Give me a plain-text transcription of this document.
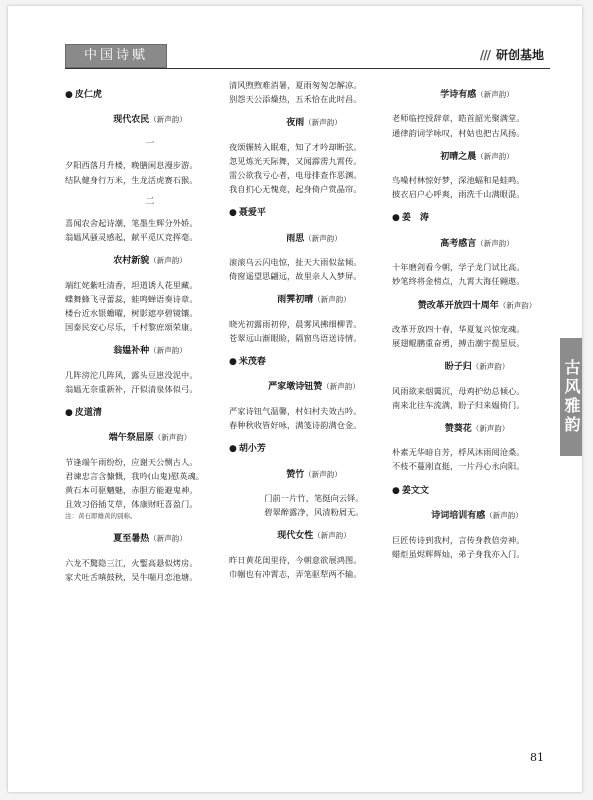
中国诗赋	/// 研创基地
● 皮仁虎
现代农民（新声韵）
一
夕阳西落月升楼，晚膳闲息漫步游。
结队健身行万米，生龙活虎赛石猴。
二
喜闻农舍起诗潮，笔墨生辉分外娇。
翁媪风骚灵感起，献平觅仄竞挥毫。
农村新貌（新声韵）
端红姹紫吐清香，坦道诱人花里藏。
蝶舞蜂飞寻蕾蕊，蛙鸣蝉语奏诗章。
楼台近水银蟾曜，树影遮亭碧镜镶。
国泰民安心尽乐，千村黎庶颂荣康。
翁媪补种（新声韵）
几阵滂沱几阵风，露头豆崽没泥中。
翁媪无奈重新补，汗似清泉体似弓。
● 皮道清
端午祭屈原（新声韵）
节逢端午雨纷纷，应谢天公恻古人。
君谏忠言含慷慨，我吟(山鬼)慰英魂。
黄石本可驱魑魅，赤胆方能避鬼神。
且效习俗插艾草，体康财旺喜盈门。
注：黄石即雄黄的别称。
夏至暑热（新声韵）
六龙不驚隐三江，火鏨高悬似烤房。
家犬吐舌嗔鼓秋，吴牛喘月恋池塘。
清风煦煦难消暑，夏雨匆匆怎解凉。
别怨天公添燥热，五禾恰在此时昌。
夜雨（新声韵）
夜颂辗转入眠难，知了才吟却断弦。
忽见炼光天际舞，又闻霹雳九霄传。
雷公欲我亏心者，电母排查作恶渊。
我自扪心无愧竟，起身倚户赏晶帘。
● 聂爱平
雨思（新声韵）
滚滚乌云闪电惊，扯天大雨似盆倾。
倚窗遥望思翩远，故里亲人入梦屏。
雨霁初晴（新声韵）
晓光初露雨初停，晨雾风拂细柳青。
苍翠远山渐眼睑，隔窗鸟语送诗情。
● 米茂春
严家墩诗钮赞（新声韵）
严家诗钮气温馨，村妇村夫效古吟。
春种秋收皆好咏，满笺诗韵满仓金。
● 胡小芳
赞竹（新声韵）
门前一片竹，笔挺向云铎。
碧翠醉露净，风清粉屑无。
现代女性（新声韵）
昨日黄花闺里待，今朝意欲展鸿图。
巾帼也有冲霄志，弄笔驱犁两不输。
学诗有感（新声韵）
老师临控授辞章，皓首韶光聚满堂。
通律韵词学咏叹，村姑也把古风扬。
初晴之晨（新声韵）
鸟噪村林惊好梦，深池蝠和是蛙鸣。
披衣启户心呼爽，雨洗千山满眼混。
● 姜　涛
高考感言（新声韵）
十年磨剑看今朝，学子龙门试比高。
妙笔终将金榜点，九霄大海任翱遨。
赞改革开放四十周年（新声韵）
改革开放四十春，华夏复兴惊宠魂。
展翅鲲鹏重奋勇，搏击潮宇揽星辰。
盼子归（新声韵）
风雨欲来烟霭沉，母鸡护幼总倾心。
南来北往车流满，盼子归来媪倚门。
赞葵花（新声韵）
朴素无华暗自芳，桴风沐雨阅沧桑。
不枝不蔓刚直挺，一片丹心永向阳。
● 姜文文
诗词培训有感（新声韵）
巨匠传诗到我村，言传身教倍旁神。
蜡炬虽烬辉辉灿，弟子身我亦入门。
古风雅韵
81
